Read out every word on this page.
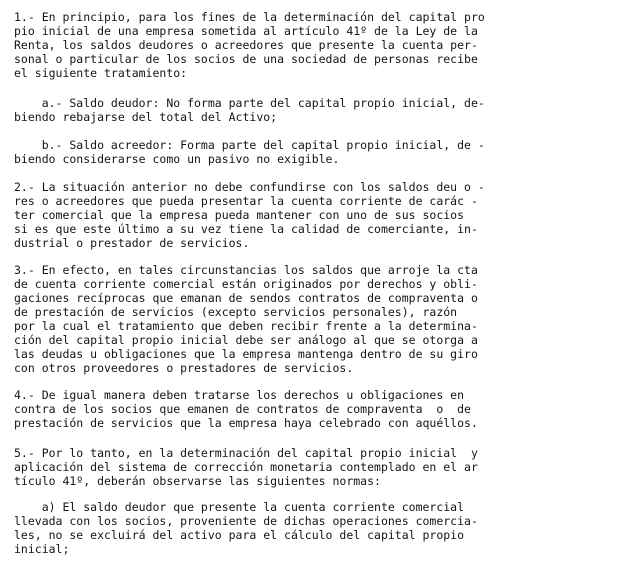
1.- En principio, para los fines de la determinación del capital pro
pio inicial de una empresa sometida al artículo 41º de la Ley de la
Renta, los saldos deudores o acreedores que presente la cuenta per-
sonal o particular de los socios de una sociedad de personas recibe
el siguiente tratamiento:
a.- Saldo deudor: No forma parte del capital propio inicial, de-
biendo rebajarse del total del Activo;
b.- Saldo acreedor: Forma parte del capital propio inicial, de -
biendo considerarse como un pasivo no exigible.
2.- La situación anterior no debe confundirse con los saldos deu o -
res o acreedores que pueda presentar la cuenta corriente de carác -
ter comercial que la empresa pueda mantener con uno de sus socios
si es que este último a su vez tiene la calidad de comerciante, in-
dustrial o prestador de servicios.
3.- En efecto, en tales circunstancias los saldos que arroje la cta
de cuenta corriente comercial están originados por derechos y obli-
gaciones recíprocas que emanan de sendos contratos de compraventa o
de prestación de servicios (excepto servicios personales), razón
por la cual el tratamiento que deben recibir frente a la determina-
ción del capital propio inicial debe ser análogo al que se otorga a
las deudas u obligaciones que la empresa mantenga dentro de su giro
con otros proveedores o prestadores de servicios.
4.- De igual manera deben tratarse los derechos u obligaciones en
contra de los socios que emanen de contratos de compraventa  o  de
prestación de servicios que la empresa haya celebrado con aquéllos.
5.- Por lo tanto, en la determinación del capital propio inicial  y
aplicación del sistema de corrección monetaria contemplado en el ar
tículo 41º, deberán observarse las siguientes normas:
a) El saldo deudor que presente la cuenta corriente comercial
llevada con los socios, proveniente de dichas operaciones comercia-
les, no se excluirá del activo para el cálculo del capital propio
inicial;
